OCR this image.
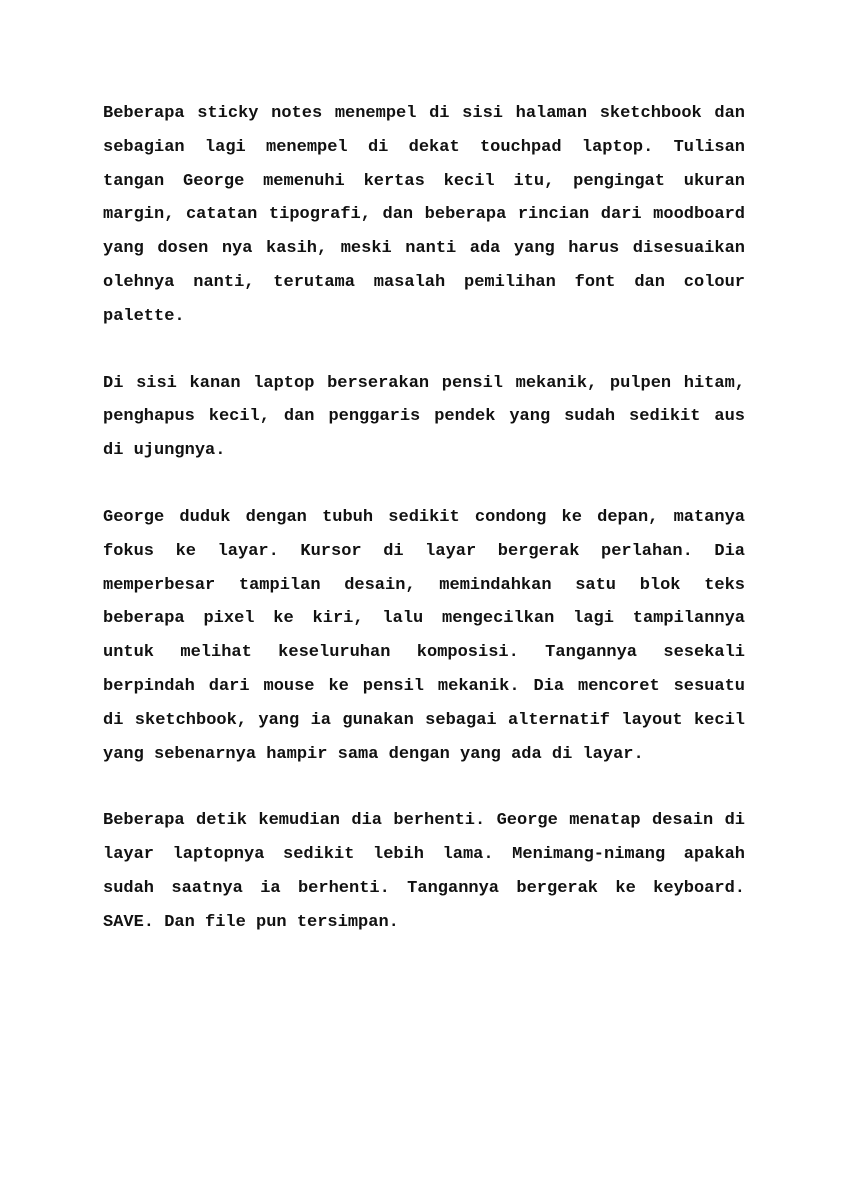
Beberapa sticky notes menempel di sisi halaman sketchbook dan sebagian lagi menempel di dekat touchpad laptop. Tulisan tangan George memenuhi kertas kecil itu, pengingat ukuran margin, catatan tipografi, dan beberapa rincian dari moodboard yang dosen nya kasih, meski nanti ada yang harus disesuaikan olehnya nanti, terutama masalah pemilihan font dan colour palette.

Di sisi kanan laptop berserakan pensil mekanik, pulpen hitam, penghapus kecil, dan penggaris pendek yang sudah sedikit aus di ujungnya.

George duduk dengan tubuh sedikit condong ke depan, matanya fokus ke layar. Kursor di layar bergerak perlahan. Dia memperbesar tampilan desain, memindahkan satu blok teks beberapa pixel ke kiri, lalu mengecilkan lagi tampilannya untuk melihat keseluruhan komposisi. Tangannya sesekali berpindah dari mouse ke pensil mekanik. Dia mencoret sesuatu di sketchbook, yang ia gunakan sebagai alternatif layout kecil yang sebenarnya hampir sama dengan yang ada di layar.

Beberapa detik kemudian dia berhenti. George menatap desain di layar laptopnya sedikit lebih lama. Menimang-nimang apakah sudah saatnya ia berhenti. Tangannya bergerak ke keyboard. SAVE. Dan file pun tersimpan.
